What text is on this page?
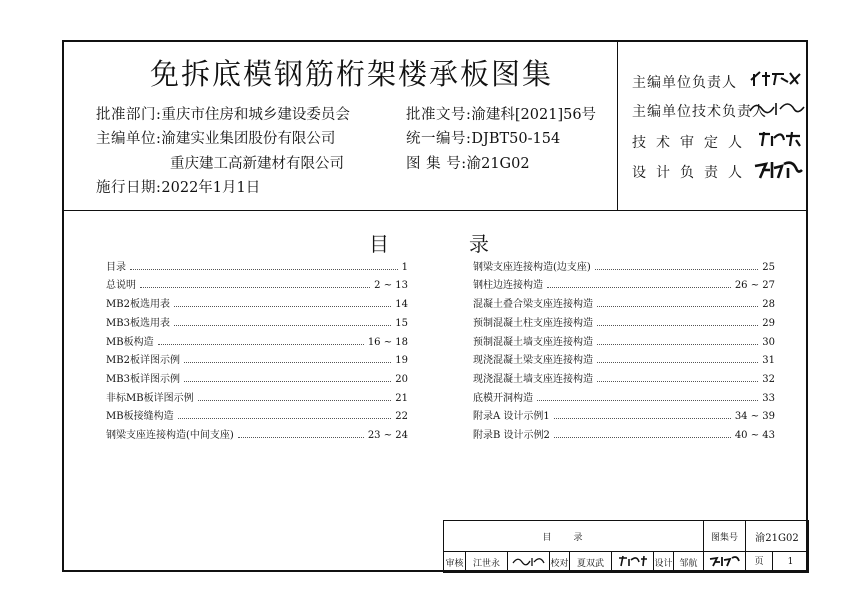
免拆底模钢筋桁架楼承板图集
批准部门:重庆市住房和城乡建设委员会	批准文号:渝建科[2021]56号
主编单位:渝建实业集团股份有限公司	统一编号:DJBT50-154
重庆建工高新建材有限公司	图 集 号:渝21G02
施行日期:2022年1月1日
主编单位负责人
主编单位技术负责人
技术审定人
设计负责人
目	录
目录	1
总说明	2 ~ 13
MB2板选用表	14
MB3板选用表	15
MB板构造	16 ~ 18
MB2板详图示例	19
MB3板详图示例	20
非标MB板详图示例	21
MB板接缝构造	22
钢梁支座连接构造(中间支座)	23 ~ 24
钢梁支座连接构造(边支座)	25
钢柱边连接构造	26 ~ 27
混凝土叠合梁支座连接构造	28
预制混凝土柱支座连接构造	29
预制混凝土墙支座连接构造	30
现浇混凝土梁支座连接构造	31
现浇混凝土墙支座连接构造	32
底模开洞构造	33
附录A 设计示例1	34 ~ 39
附录B 设计示例2	40 ~ 43
目录								图集号	渝21G02
审核	江世永		校对	夏双武		设计	邹航		页 1
